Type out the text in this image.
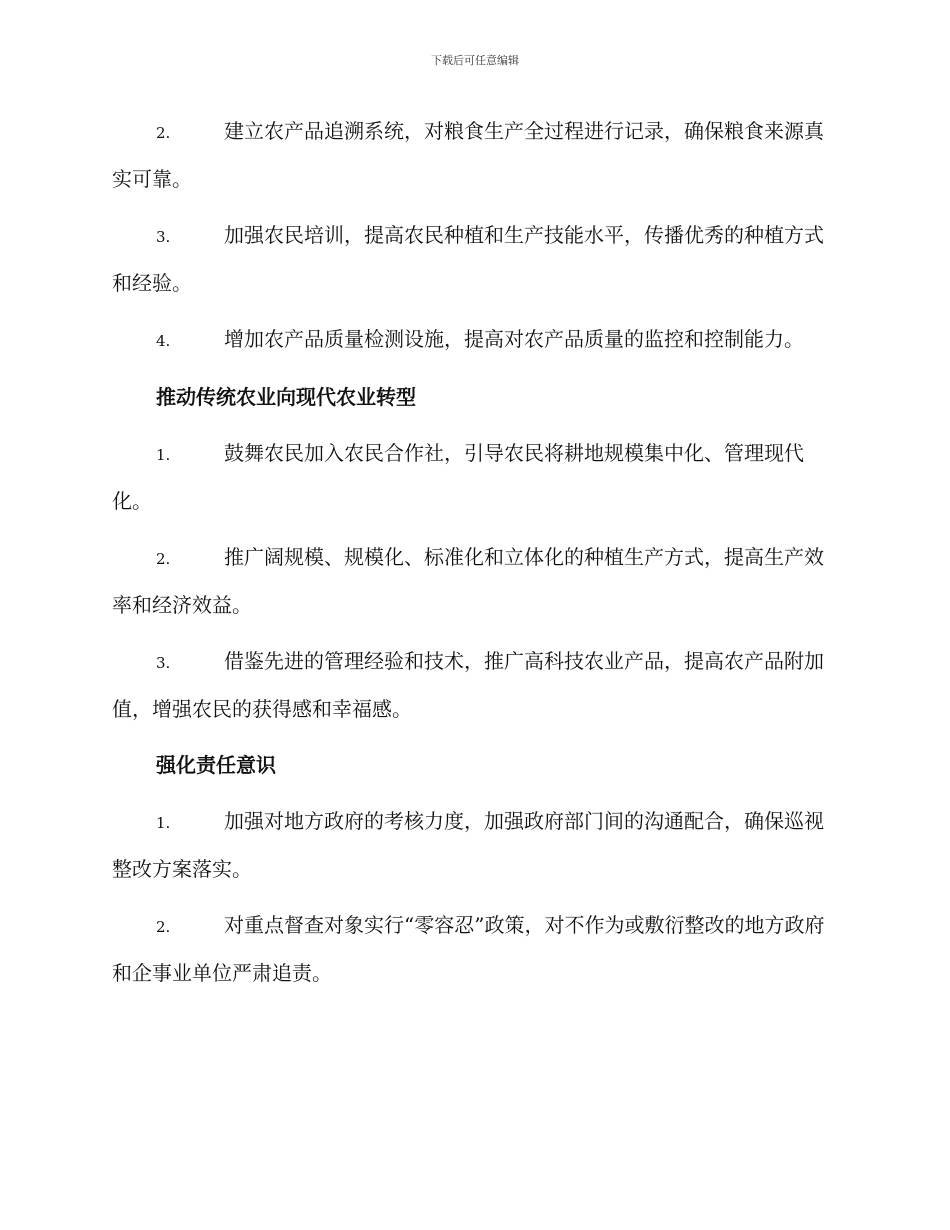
下载后可任意编辑

2.	建立农产品追溯系统，对粮食生产全过程进行记录，确保粮食来源真实可靠。

3.	加强农民培训，提高农民种植和生产技能水平，传播优秀的种植方式和经验。

4.	增加农产品质量检测设施，提高对农产品质量的监控和控制能力。

推动传统农业向现代农业转型

1.	鼓舞农民加入农民合作社，引导农民将耕地规模集中化、管理现代化。

2.	推广阔规模、规模化、标准化和立体化的种植生产方式，提高生产效率和经济效益。

3.	借鉴先进的管理经验和技术，推广高科技农业产品，提高农产品附加值，增强农民的获得感和幸福感。

强化责任意识

1.	加强对地方政府的考核力度，加强政府部门间的沟通配合，确保巡视整改方案落实。

2.	对重点督查对象实行“零容忍”政策，对不作为或敷衍整改的地方政府和企事业单位严肃追责。
